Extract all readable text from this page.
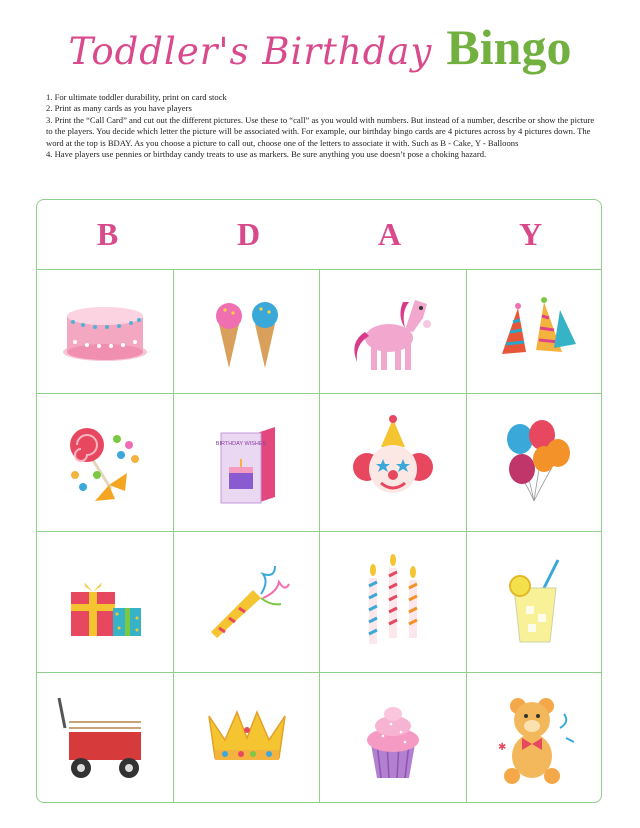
Toddler's Birthday Bingo

1. For ultimate toddler durability, print on card stock

2. Print as many cards as you have players

3. Print the “Call Card” and cut out the different pictures. Use these to “call” as you would with numbers. But instead of a number, describe or show the picture to the players. You decide which letter the picture will be associated with. For example, our birthday bingo cards are 4 pictures across by 4 pictures down. The word at the top is BDAY. As you choose a picture to call out, choose one of the letters to associate it with. Such as B - Cake, Y - Balloons

4. Have players use pennies or birthday candy treats to use as markers. Be sure anything you use doesn’t pose a choking hazard.

B	D	A	Y
BIRTHDAY WISHES
✱
